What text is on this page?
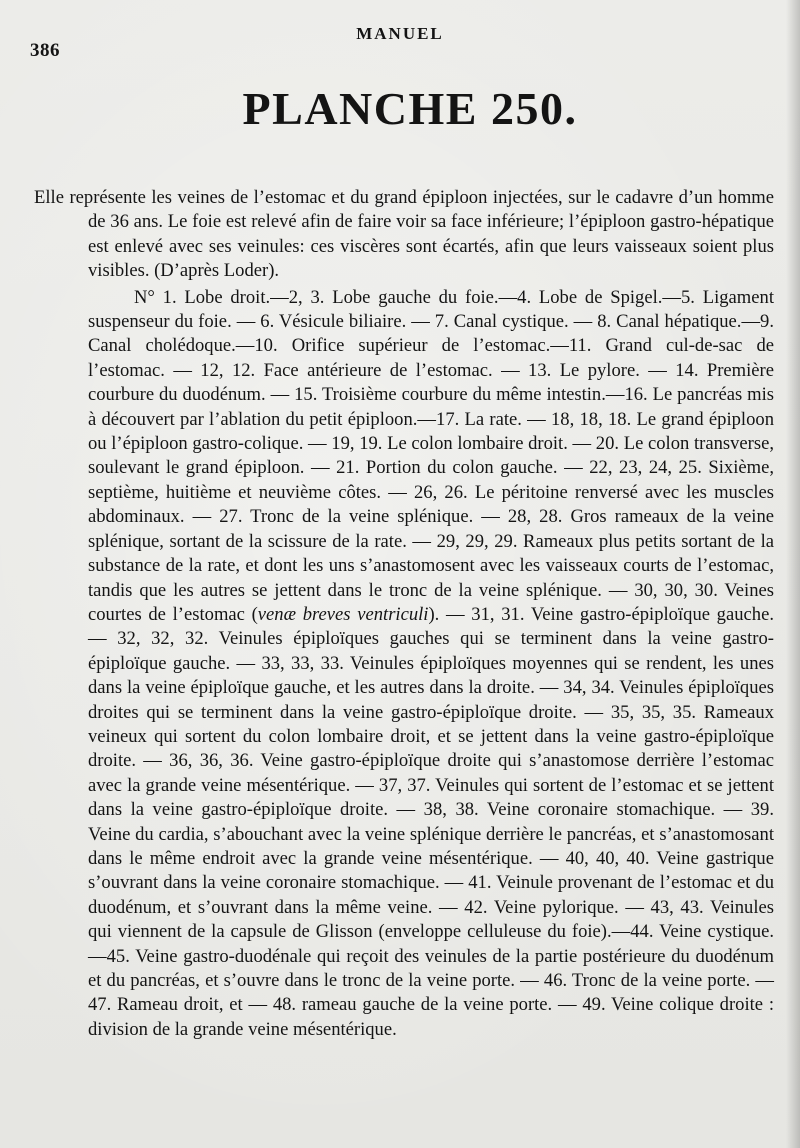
386
MANUEL
PLANCHE 250.

Elle représente les veines de l’estomac et du grand épiploon injectées, sur le cadavre d’un homme de 36 ans. Le foie est relevé afin de faire voir sa face inférieure; l’épiploon gastro-hépatique est enlevé avec ses veinules: ces viscères sont écartés, afin que leurs vaisseaux soient plus visibles. (D’après Loder).

N° 1. Lobe droit.—2, 3. Lobe gauche du foie.—4. Lobe de Spigel.—5. Ligament suspenseur du foie. — 6. Vésicule biliaire. — 7. Canal cystique. — 8. Canal hépatique.—9. Canal cholédoque.—10. Orifice supérieur de l’estomac.—11. Grand cul-de-sac de l’estomac. — 12, 12. Face antérieure de l’estomac. — 13. Le pylore. — 14. Première courbure du duodénum. — 15. Troisième courbure du même intestin.—16. Le pancréas mis à découvert par l’ablation du petit épiploon.—17. La rate. — 18, 18, 18. Le grand épiploon ou l’épiploon gastro-colique. — 19, 19. Le colon lombaire droit. — 20. Le colon transverse, soulevant le grand épiploon. — 21. Portion du colon gauche. — 22, 23, 24, 25. Sixième, septième, huitième et neuvième côtes. — 26, 26. Le péritoine renversé avec les muscles abdominaux. — 27. Tronc de la veine splénique. — 28, 28. Gros rameaux de la veine splénique, sortant de la scissure de la rate. — 29, 29, 29. Rameaux plus petits sortant de la substance de la rate, et dont les uns s’anastomosent avec les vaisseaux courts de l’estomac, tandis que les autres se jettent dans le tronc de la veine splénique. — 30, 30, 30. Veines courtes de l’estomac (venæ breves ventriculi). — 31, 31. Veine gastro-épiploïque gauche. — 32, 32, 32. Veinules épiploïques gauches qui se terminent dans la veine gastro-épiploïque gauche. — 33, 33, 33. Veinules épiploïques moyennes qui se rendent, les unes dans la veine épiploïque gauche, et les autres dans la droite. — 34, 34. Veinules épiploïques droites qui se terminent dans la veine gastro-épiploïque droite. — 35, 35, 35. Rameaux veineux qui sortent du colon lombaire droit, et se jettent dans la veine gastro-épiploïque droite. — 36, 36, 36. Veine gastro-épiploïque droite qui s’anastomose derrière l’estomac avec la grande veine mésentérique. — 37, 37. Veinules qui sortent de l’estomac et se jettent dans la veine gastro-épiploïque droite. — 38, 38. Veine coronaire stomachique. — 39. Veine du cardia, s’abouchant avec la veine splénique derrière le pancréas, et s’anastomosant dans le même endroit avec la grande veine mésentérique. — 40, 40, 40. Veine gastrique s’ouvrant dans la veine coronaire stomachique. — 41. Veinule provenant de l’estomac et du duodénum, et s’ouvrant dans la même veine. — 42. Veine pylorique. — 43, 43. Veinules qui viennent de la capsule de Glisson (enveloppe celluleuse du foie).—44. Veine cystique.—45. Veine gastro-duodénale qui reçoit des veinules de la partie postérieure du duodénum et du pancréas, et s’ouvre dans le tronc de la veine porte. — 46. Tronc de la veine porte. — 47. Rameau droit, et — 48. rameau gauche de la veine porte. — 49. Veine colique droite : division de la grande veine mésentérique.
